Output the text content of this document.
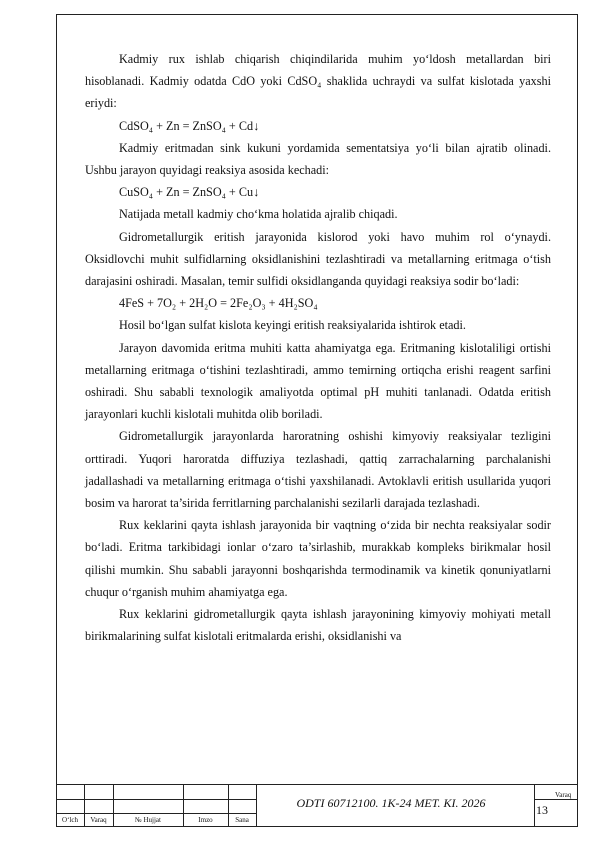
Kadmiy rux ishlab chiqarish chiqindilarida muhim yo‘ldosh metallardan biri hisoblanadi. Kadmiy odatda CdO yoki CdSO₄ shaklida uchraydi va sulfat kislotada yaxshi eriydi:

CdSO₄ + Zn = ZnSO₄ + Cd↓

Kadmiy eritmadan sink kukuni yordamida sementatsiya yo‘li bilan ajratib olinadi. Ushbu jarayon quyidagi reaksiya asosida kechadi:

CuSO₄ + Zn = ZnSO₄ + Cu↓

Natijada metall kadmiy cho‘kma holatida ajralib chiqadi.

Gidrometallurgik eritish jarayonida kislorod yoki havo muhim rol o‘ynaydi. Oksidlovchi muhit sulfidlarning oksidlanishini tezlashtiradi va metallarning eritmaga o‘tish darajasini oshiradi. Masalan, temir sulfidi oksidlanganda quyidagi reaksiya sodir bo‘ladi:

4FeS + 7O₂ + 2H₂O = 2Fe₂O₃ + 4H₂SO₄

Hosil bo‘lgan sulfat kislota keyingi eritish reaksiyalarida ishtirok etadi.

Jarayon davomida eritma muhiti katta ahamiyatga ega. Eritmaning kislotaliligi ortishi metallarning eritmaga o‘tishini tezlashtiradi, ammo temirning ortiqcha erishi reagent sarfini oshiradi. Shu sababli texnologik amaliyotda optimal pH muhiti tanlanadi. Odatda eritish jarayonlari kuchli kislotali muhitda olib boriladi.

Gidrometallurgik jarayonlarda haroratning oshishi kimyoviy reaksiyalar tezligini orttiradi. Yuqori haroratda diffuziya tezlashadi, qattiq zarrachalarning parchalanishi jadallashadi va metallarning eritmaga o‘tishi yaxshilanadi. Avtoklavli eritish usullarida yuqori bosim va harorat ta’sirida ferritlarning parchalanishi sezilarli darajada tezlashadi.

Rux keklarini qayta ishlash jarayonida bir vaqtning o‘zida bir nechta reaksiyalar sodir bo‘ladi. Eritma tarkibidagi ionlar o‘zaro ta’sirlashib, murakkab kompleks birikmalar hosil qilishi mumkin. Shu sababli jarayonni boshqarishda termodinamik va kinetik qonuniyatlarni chuqur o‘rganish muhim ahamiyatga ega.

Rux keklarini gidrometallurgik qayta ishlash jarayonining kimyoviy mohiyati metall birikmalarining sulfat kislotali eritmalarda erishi, oksidlanishi va

O‘lch	Varaq	№ Hujjat	Imzo	Sana
ODTI 60712100. 1K-24 MET. KI. 2026
Varaq
13
